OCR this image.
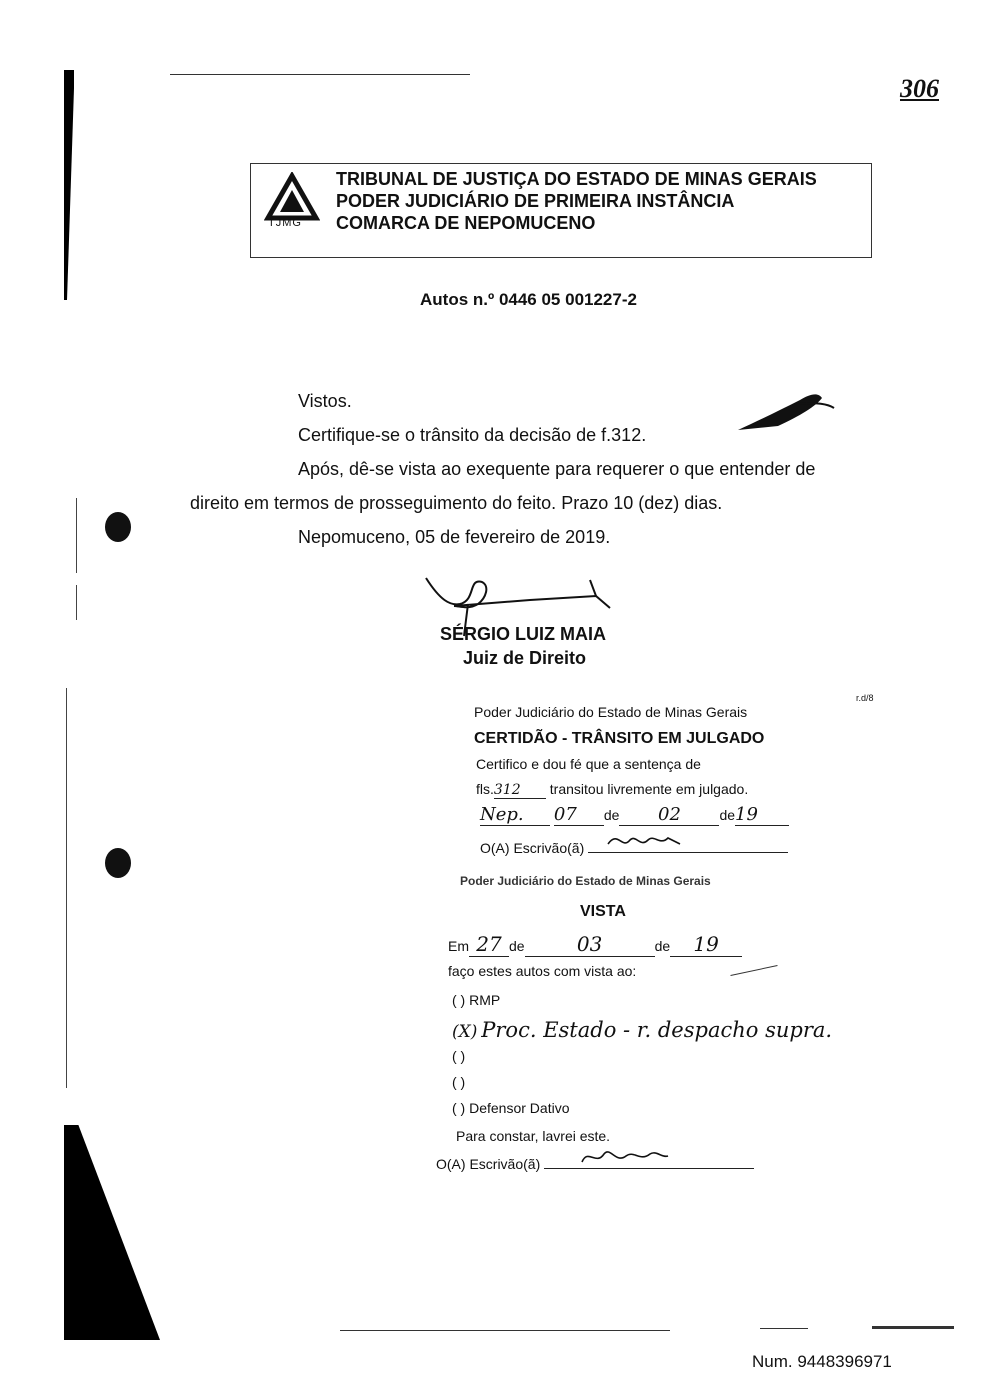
306
TJMG
TRIBUNAL DE JUSTIÇA DO ESTADO DE MINAS GERAIS
PODER JUDICIÁRIO DE PRIMEIRA INSTÂNCIA
COMARCA DE NEPOMUCENO
Autos n.º 0446 05 001227-2
Vistos.
Certifique-se o trânsito da decisão de f.312.
Após, dê-se vista ao exequente para requerer o que entender de
direito em termos de prosseguimento do feito. Prazo 10 (dez) dias.
Nepomuceno, 05 de fevereiro de 2019.
SÉRGIO LUIZ MAIA
Juiz de Direito
r.d/8
Poder Judiciário do Estado de Minas Gerais
CERTIDÃO - TRÂNSITO EM JULGADO
Certifico e dou fé que a sentença de
fls.312 transitou livremente em julgado.
Nep. 07 de 02	de19
O(A) Escrivão(ã)
Poder Judiciário do Estado de Minas Gerais
VISTA
Em 27 de	03	de 19
faço estes autos com vista ao:
( ) RMP
(X) Proc. Estado - r. despacho supra.
( )
( )
( ) Defensor Dativo
Para constar, lavrei este.
O(A) Escrivão(ã)
Num. 9448396971
